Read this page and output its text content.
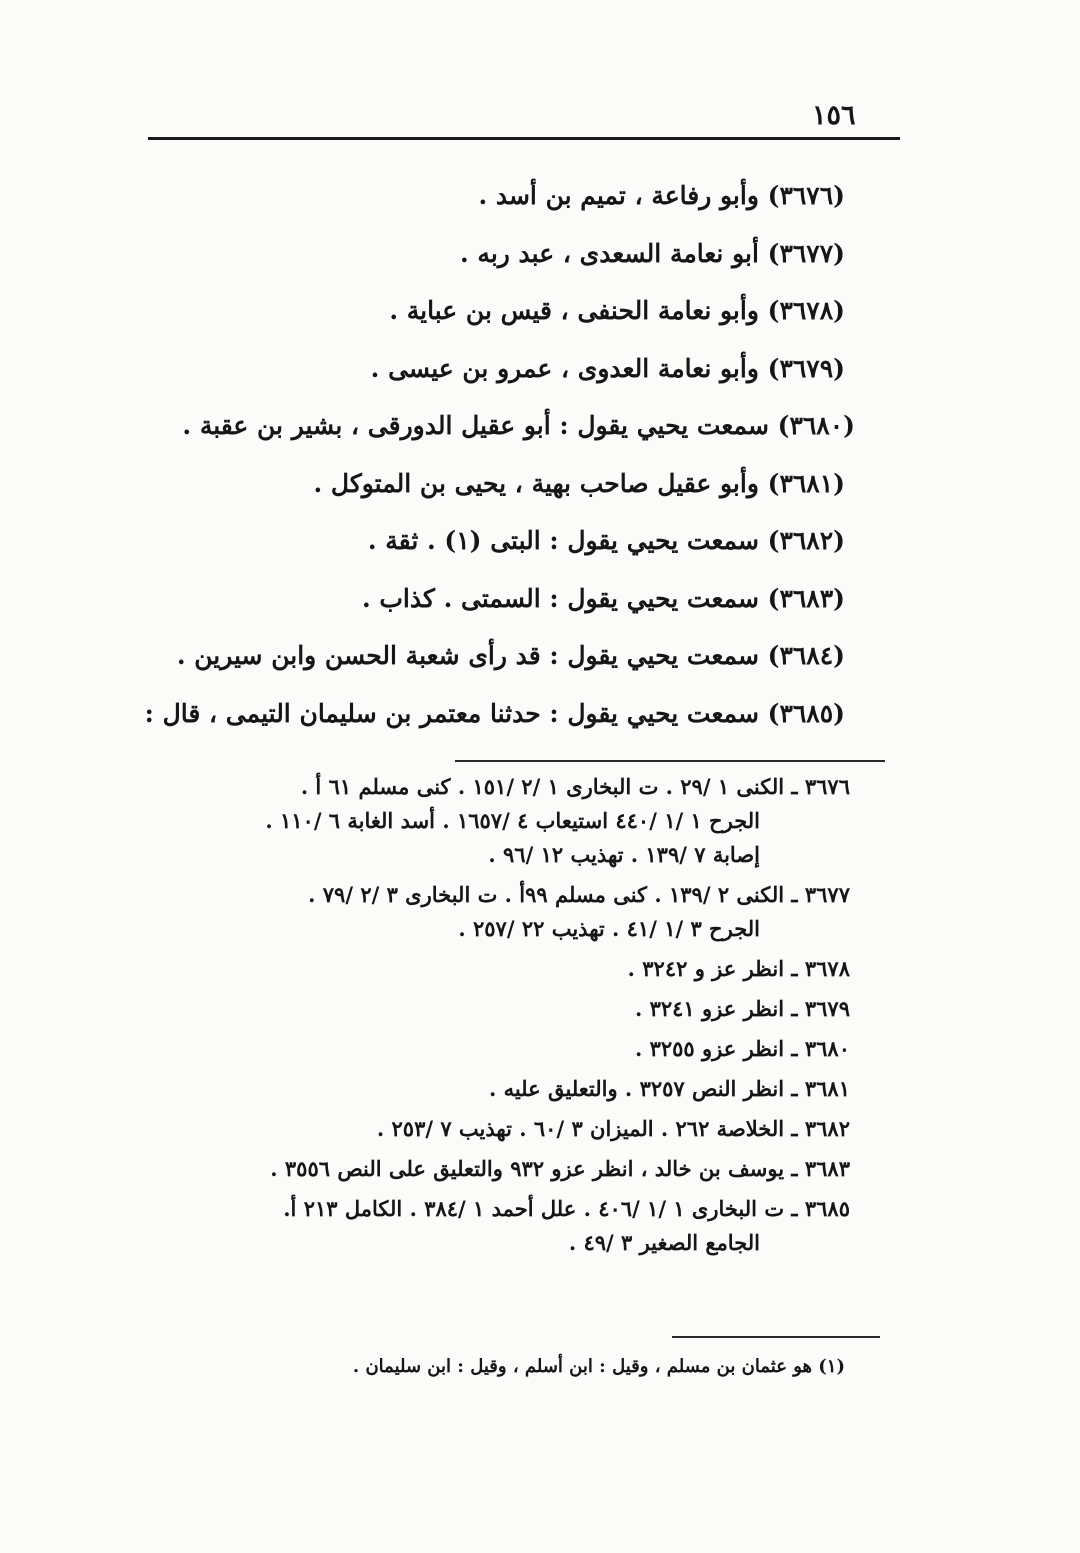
١٥٦
(٣٦٧٦) وأبو رفاعة ، تميم بن أسد .
(٣٦٧٧) أبو نعامة السعدى ، عبد ربه .
(٣٦٧٨) وأبو نعامة الحنفى ، قيس بن عباية .
(٣٦٧٩) وأبو نعامة العدوى ، عمرو بن عيسى .
(٣٦٨٠) سمعت يحيي يقول : أبو عقيل الدورقى ، بشير بن عقبة .
(٣٦٨١) وأبو عقيل صاحب بهية ، يحيى بن المتوكل .
(٣٦٨٢) سمعت يحيي يقول : البتى (١) . ثقة .
(٣٦٨٣) سمعت يحيي يقول : السمتى . كذاب .
(٣٦٨٤) سمعت يحيي يقول : قد رأى شعبة الحسن وابن سيرين .
(٣٦٨٥) سمعت يحيي يقول : حدثنا معتمر بن سليمان التيمى ، قال :
٣٦٧٦ ـ الكنى ١ /٢٩ . ت البخارى ١ /٢ /١٥١ . كنى مسلم ٦١ أ .
الجرح ١ /١ /٤٤٠ استيعاب ٤ /١٦٥٧ . أسد الغابة ٦ /١١٠ .
إصابة ٧ /١٣٩ . تهذيب ١٢ /٩٦ .
٣٦٧٧ ـ الكنى ٢ /١٣٩ . كنى مسلم ٩٩أ . ت البخارى ٣ /٢ /٧٩ .
الجرح ٣ /١ /٤١ . تهذيب ٢٢ /٢٥٧ .
٣٦٧٨ ـ انظر عز و ٣٢٤٢ .
٣٦٧٩ ـ انظر عزو ٣٢٤١ .
٣٦٨٠ ـ انظر عزو ٣٢٥٥ .
٣٦٨١ ـ انظر النص ٣٢٥٧ . والتعليق عليه .
٣٦٨٢ ـ الخلاصة ٢٦٢ . الميزان ٣ /٦٠ . تهذيب ٧ /٢٥٣ .
٣٦٨٣ ـ يوسف بن خالد ، انظر عزو ٩٣٢ والتعليق على النص ٣٥٥٦ .
٣٦٨٥ ـ ت البخارى ١ /١ /٤٠٦ . علل أحمد ١ /٣٨٤ . الكامل ٢١٣ أ.
الجامع الصغير ٣ /٤٩ .
(١) هو عثمان بن مسلم ، وقيل : ابن أسلم ، وقيل : ابن سليمان .
